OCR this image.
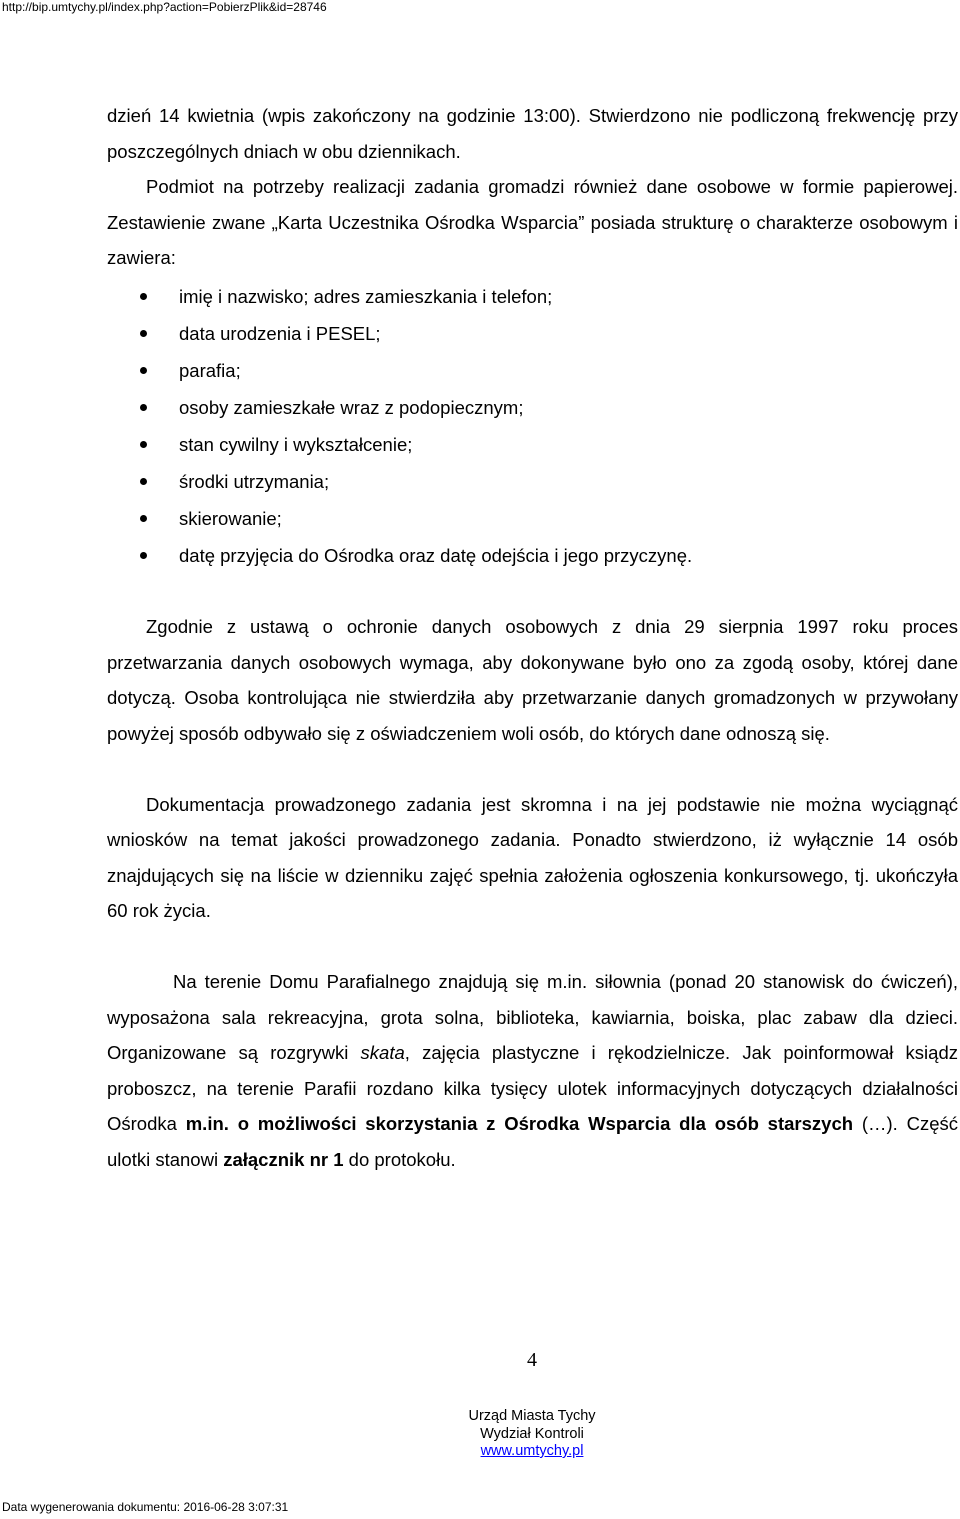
http://bip.umtychy.pl/index.php?action=PobierzPlik&id=28746

dzień 14 kwietnia (wpis zakończony na godzinie 13:00). Stwierdzono nie podliczoną frekwencję przy poszczególnych dniach w obu dziennikach.

Podmiot na potrzeby realizacji zadania gromadzi również dane osobowe w formie papierowej. Zestawienie zwane „Karta Uczestnika Ośrodka Wsparcia” posiada strukturę o charakterze osobowym i zawiera:

imię i nazwisko; adres zamieszkania i telefon;
data urodzenia i PESEL;
parafia;
osoby zamieszkałe wraz z podopiecznym;
stan cywilny i wykształcenie;
środki utrzymania;
skierowanie;
datę przyjęcia do Ośrodka oraz datę odejścia i jego przyczynę.

Zgodnie z ustawą o ochronie danych osobowych z dnia 29 sierpnia 1997 roku proces przetwarzania danych osobowych wymaga, aby dokonywane było ono za zgodą osoby, której dane dotyczą. Osoba kontrolująca nie stwierdziła aby przetwarzanie danych gromadzonych w przywołany powyżej sposób odbywało się z oświadczeniem woli osób, do których dane odnoszą się.

Dokumentacja prowadzonego zadania jest skromna i na jej podstawie nie można wyciągnąć wniosków na temat jakości prowadzonego zadania. Ponadto stwierdzono, iż wyłącznie 14 osób znajdujących się na liście w dzienniku zajęć spełnia założenia ogłoszenia konkursowego, tj. ukończyła 60 rok życia.

Na terenie Domu Parafialnego znajdują się m.in. siłownia (ponad 20 stanowisk do ćwiczeń), wyposażona sala rekreacyjna, grota solna, biblioteka, kawiarnia, boiska, plac zabaw dla dzieci. Organizowane są rozgrywki skata, zajęcia plastyczne i rękodzielnicze. Jak poinformował ksiądz proboszcz, na terenie Parafii rozdano kilka tysięcy ulotek informacyjnych dotyczących działalności Ośrodka m.in. o możliwości skorzystania z Ośrodka Wsparcia dla osób starszych (…). Część ulotki stanowi załącznik nr 1 do protokołu.

4
Urząd Miasta Tychy
Wydział Kontroli
www.umtychy.pl
Data wygenerowania dokumentu: 2016-06-28 3:07:31
